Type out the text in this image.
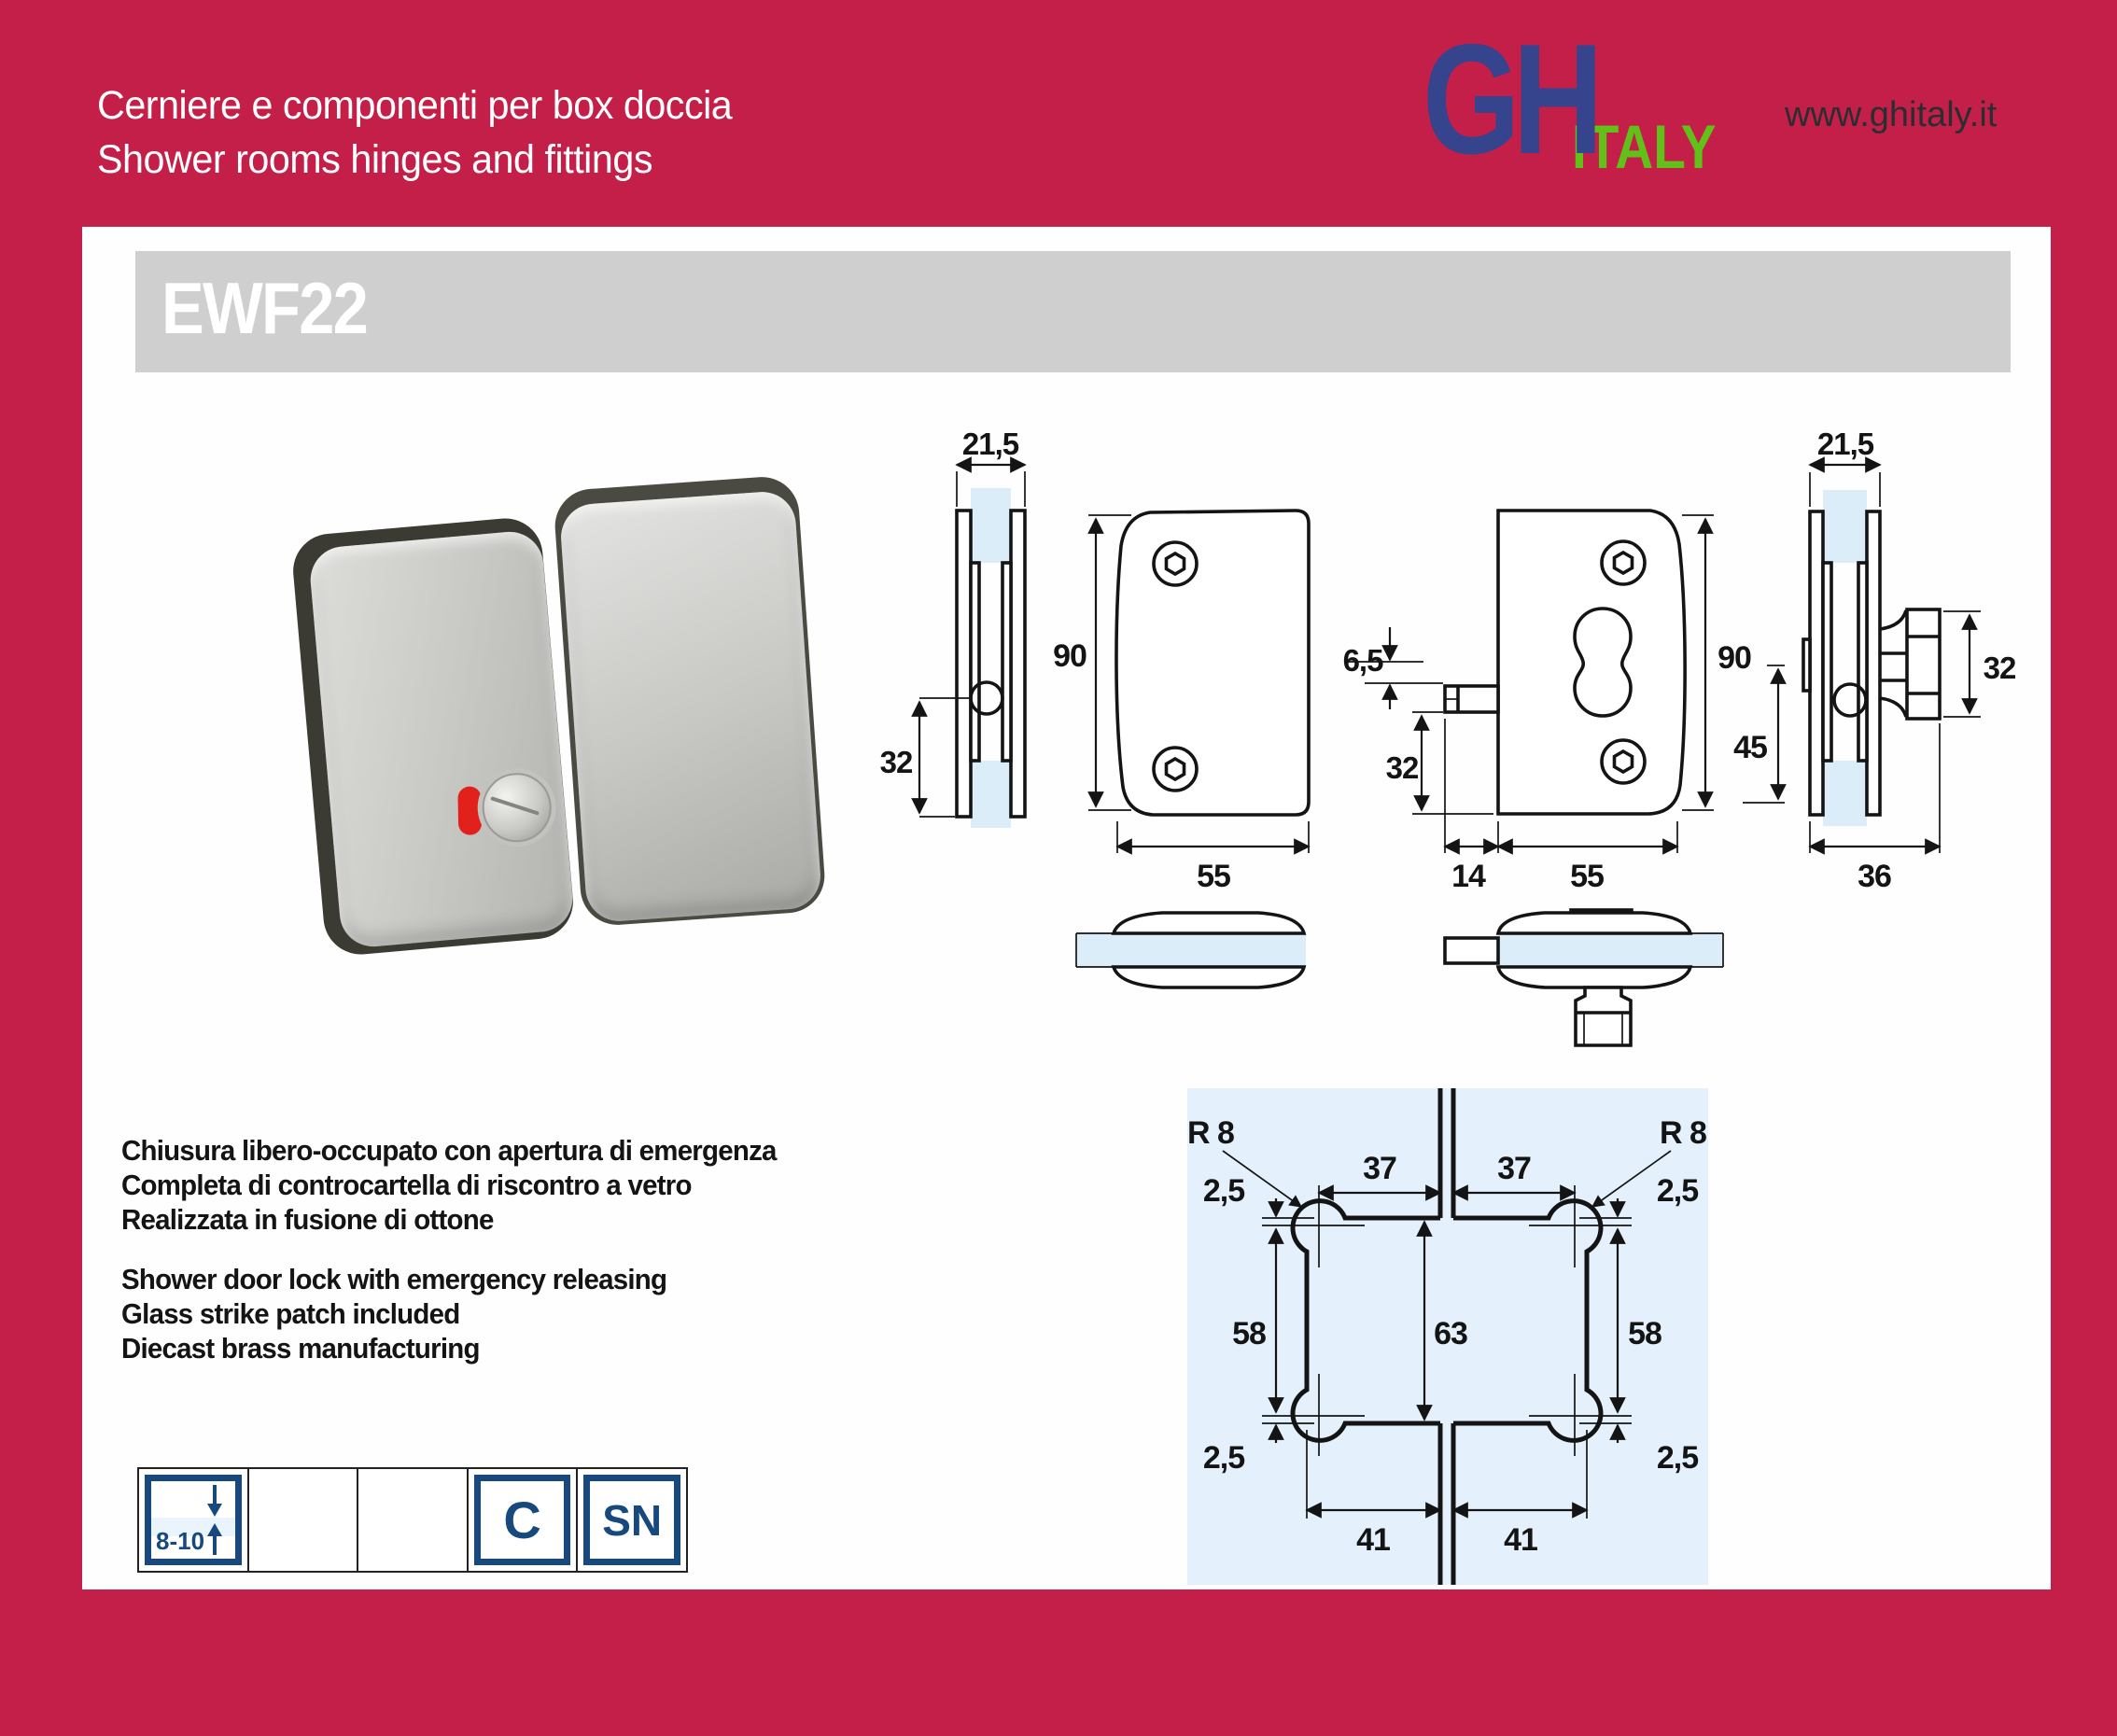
Cerniere e componenti per box doccia
Shower rooms hinges and fittings	GH
ITALY www.ghitaly.it
EWF22
21,5
32
90
55
6,5
32
14	55
90
45
21,5
32
36
37	37
R 8	R 8
2,5
2,5
2,5
2,5
58	58
63
41	41
Chiusura libero-occupato con apertura di emergenza
Completa di controcartella di riscontro a vetro
Realizzata in fusione di ottone
Shower door lock with emergency releasing
Glass strike patch included
Diecast brass manufacturing
8-10	C SN
